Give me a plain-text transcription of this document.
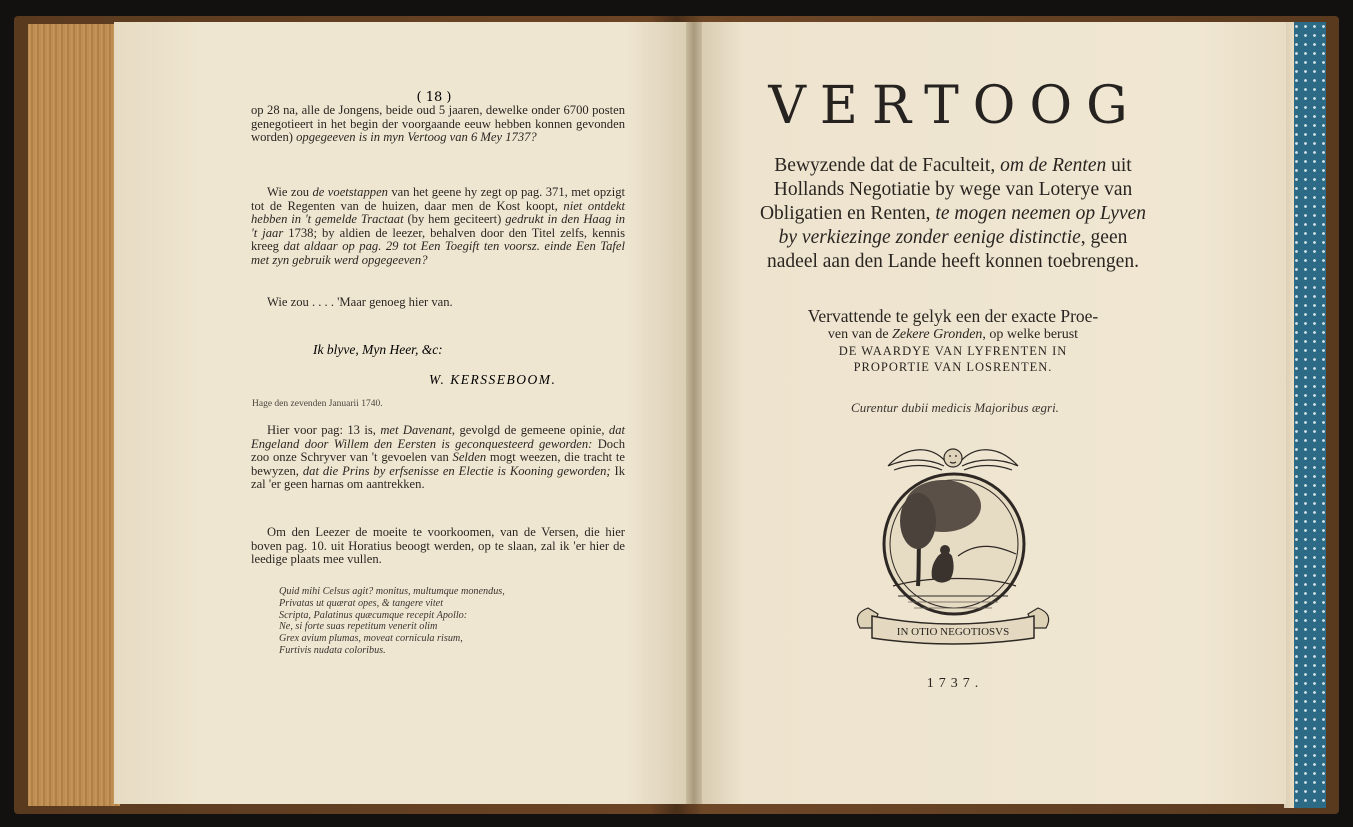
( 18 )

op 28 na, alle de Jongens, beide oud 5 jaaren, dewelke onder 6700 posten genegotieert in het begin der voorgaande eeuw hebben konnen gevonden worden) opgegeeven is in myn Vertoog van 6 Mey 1737?

Wie zou de voetstappen van het geene hy zegt op pag. 371, met opzigt tot de Regenten van de huizen, daar men de Kost koopt, niet ontdekt hebben in 't gemelde Tractaat (by hem geciteert) gedrukt in den Haag in 't jaar 1738; by aldien de leezer, behalven door den Titel zelfs, kennis kreeg dat aldaar op pag. 29 tot Een Toegift ten voorsz. einde Een Tafel met zyn gebruik werd opgegeeven?

Wie zou . . . . 'Maar genoeg hier van.

Ik blyve, Myn Heer, &c:
W. KERSSEBOOM.
Hage den zevenden Januarii 1740.

Hier voor pag: 13 is, met Davenant, gevolgd de gemeene opinie, dat Engeland door Willem den Eersten is geconquesteerd geworden: Doch zoo onze Schryver van 't gevoelen van Selden mogt weezen, die tracht te bewyzen, dat die Prins by erfsenisse en Electie is Kooning geworden; Ik zal 'er geen harnas om aantrekken.

Om den Leezer de moeite te voorkoomen, van de Versen, die hier boven pag. 10. uit Horatius beoogt werden, op te slaan, zal ik 'er hier de leedige plaats mee vullen.

Quid mihi Celsus agit? monitus, multumque monendus,
Privatas ut quærat opes, & tangere vitet
Scripta, Palatinus quæcumque recepit Apollo:
Ne, si forte suas repetitum venerit olim
Grex avium plumas, moveat cornicula risum,
Furtivis nudata coloribus.
VERTOOG
Bewyzende dat de Faculteit, om de Renten uit Hollands Negotiatie by wege van Loterye van Obligatien en Renten, te mogen neemen op Lyven by verkiezinge zonder eenige distinctie, geen nadeel aan den Lande heeft konnen toebrengen.
Vervattende te gelyk een der exacte Proe-
ven van de Zekere Gronden, op welke berust
DE WAARDYE VAN LYFRENTEN IN
PROPORTIE VAN LOSRENTEN.
Curentur dubii medicis Majoribus ægri.
IN OTIO NEGOTIOSVS
1737.
